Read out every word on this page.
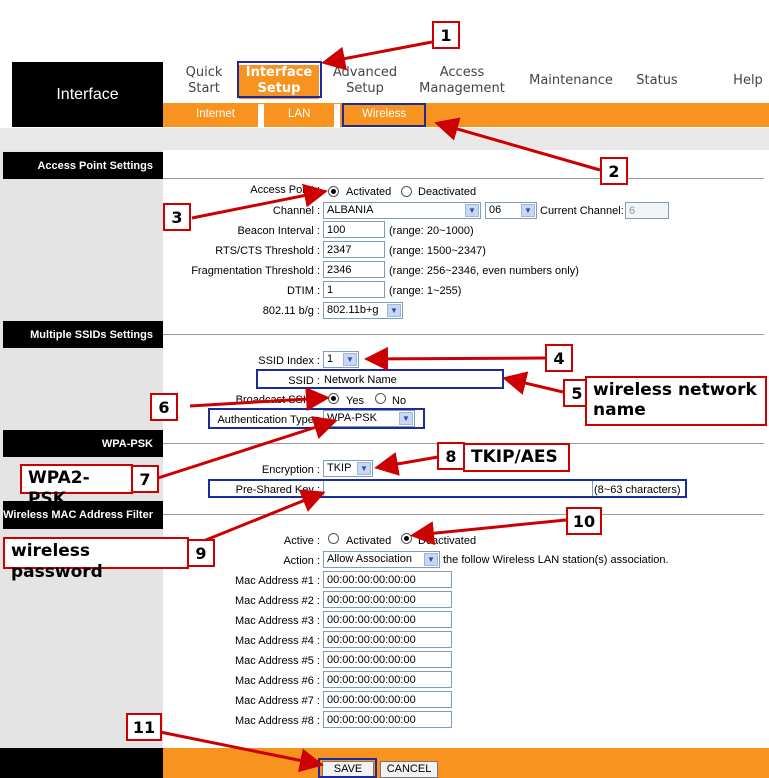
Interface
Quick
Start
Interface
Setup
Advanced
Setup
Access
Management
Maintenance	Status	Help
Internet	LAN	Wireless
Access Point Settings
Multiple SSIDs Settings
WPA-PSK
Wireless MAC Address Filter
Access Point : Activated Deactivated
Channel : ALBANIA	▼	06	▼ Current Channel: 6
Beacon Interval : 100	(range: 20~1000)
RTS/CTS Threshold : 2347	(range: 1500~2347)
Fragmentation Threshold : 2346	(range: 256~2346, even numbers only)
DTIM : 1	(range: 1~255)
802.11 b/g : 802.11b+g	▼
SSID Index : 1	▼
SSID : Network Name
Broadcast SSID : Yes	No
Authentication Type : WPA-PSK	▼
Encryption : TKIP	▼
Pre-Shared Key :	(8~63 characters)
Active : Activated Deactivated
Action : Allow Association	▼ the follow Wireless LAN station(s) association.
Mac Address #1 : 00:00:00:00:00:00
Mac Address #2 : 00:00:00:00:00:00
Mac Address #3 : 00:00:00:00:00:00
Mac Address #4 : 00:00:00:00:00:00
Mac Address #5 : 00:00:00:00:00:00
Mac Address #6 : 00:00:00:00:00:00
Mac Address #7 : 00:00:00:00:00:00
Mac Address #8 : 00:00:00:00:00:00
SAVE	CANCEL
1
2
3
4
5 wireless network name
6
WPA2-PSK
7
8 TKIP/AES
wireless password
9
10
11
